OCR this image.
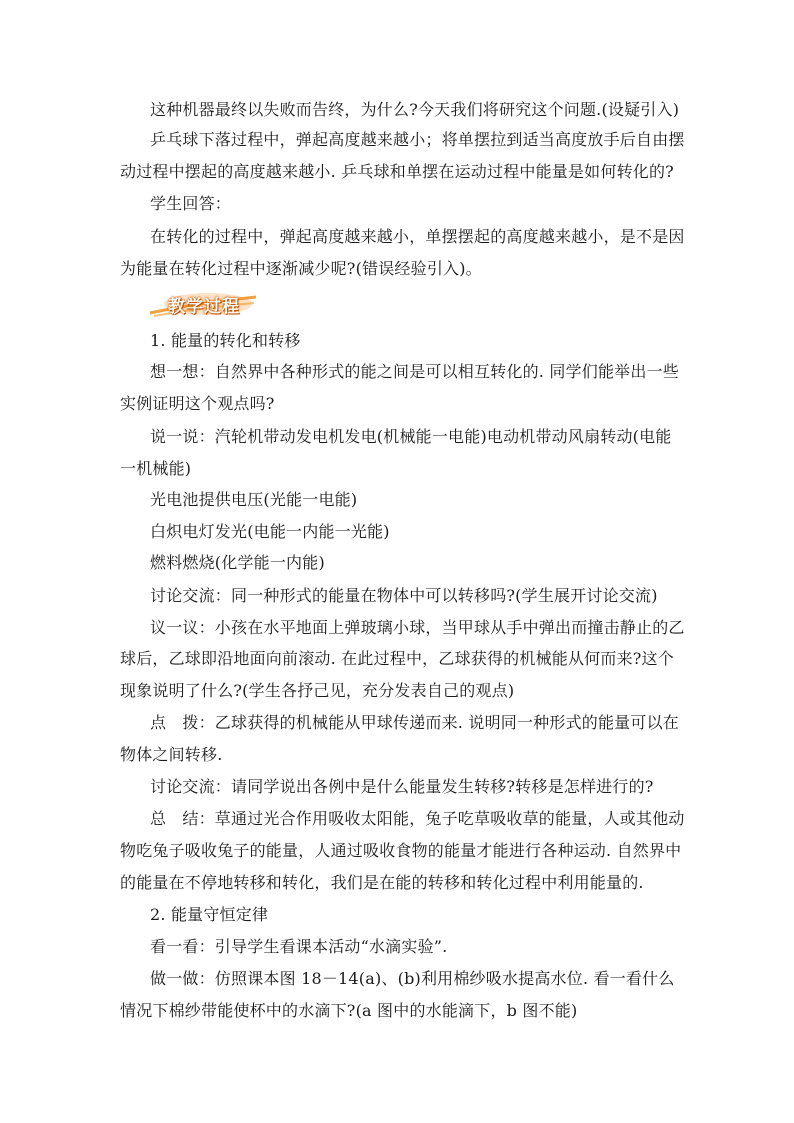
这种机器最终以失败而告终，为什么?今天我们将研究这个问题.(设疑引入)
乒乓球下落过程中，弹起高度越来越小；将单摆拉到适当高度放手后自由摆
动过程中摆起的高度越来越小. 乒乓球和单摆在运动过程中能量是如何转化的?
学生回答：
在转化的过程中，弹起高度越来越小，单摆摆起的高度越来越小，是不是因
为能量在转化过程中逐渐减少呢?(错误经验引入)。
教学过程
1. 能量的转化和转移
想一想：自然界中各种形式的能之间是可以相互转化的. 同学们能举出一些
实例证明这个观点吗?
说一说：汽轮机带动发电机发电(机械能一电能)电动机带动风扇转动(电能
一机械能)
光电池提供电压(光能一电能)
白炽电灯发光(电能一内能一光能)
燃料燃烧(化学能一内能)
讨论交流：同一种形式的能量在物体中可以转移吗?(学生展开讨论交流)
议一议：小孩在水平地面上弹玻璃小球，当甲球从手中弹出而撞击静止的乙
球后，乙球即沿地面向前滚动. 在此过程中，乙球获得的机械能从何而来?这个
现象说明了什么?(学生各抒己见，充分发表自己的观点)
点　拨：乙球获得的机械能从甲球传递而来. 说明同一种形式的能量可以在
物体之间转移.
讨论交流：请同学说出各例中是什么能量发生转移?转移是怎样进行的?
总　结：草通过光合作用吸收太阳能，兔子吃草吸收草的能量，人或其他动
物吃兔子吸收兔子的能量，人通过吸收食物的能量才能进行各种运动. 自然界中
的能量在不停地转移和转化，我们是在能的转移和转化过程中利用能量的.
2. 能量守恒定律
看一看：引导学生看课本活动“水滴实验”.
做一做：仿照课本图 18－14(a)、(b)利用棉纱吸水提高水位. 看一看什么
情况下棉纱带能使杯中的水滴下?(a 图中的水能滴下，b 图不能)
